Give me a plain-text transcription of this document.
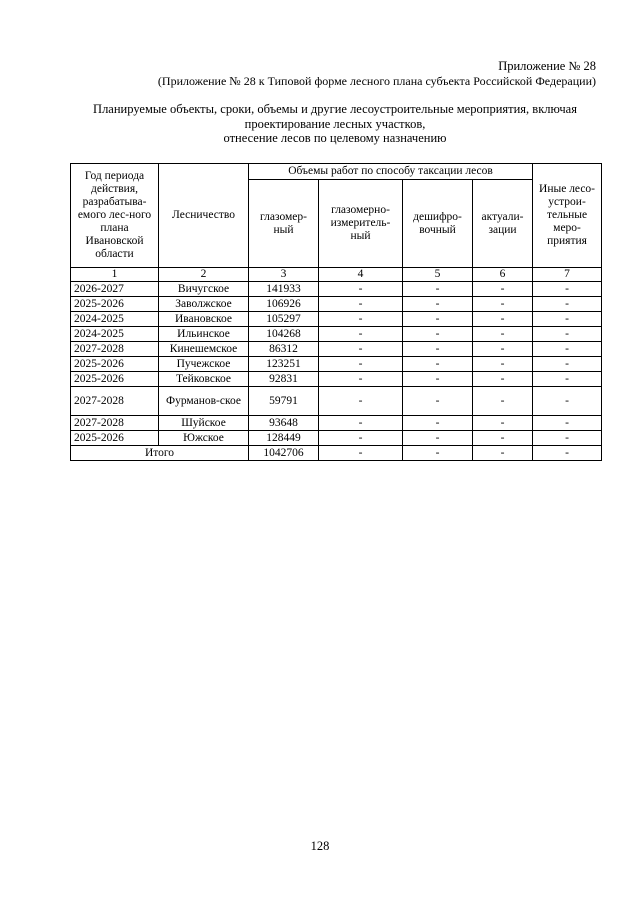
Приложение № 28
(Приложение № 28 к Типовой форме лесного плана субъекта Российской Федерации)
Планируемые объекты, сроки, объемы и другие лесоустроительные мероприятия, включая
проектирование лесных участков,
отнесение лесов по целевому назначению
Год периода действия, разрабатыва-емого лес-ного плана Ивановской области	Лесничество	Объемы работ по способу таксации лесов				Иные лесо-устрои-тельные меро-приятия
		глазомер-ный	глазомерно-измеритель-ный	дешифро-вочный	актуали-зации	
1	2	3	4	5	6	7
2026-2027	Вичугское	141933	-	-	-	-
2025-2026	Заволжское	106926	-	-	-	-
2024-2025	Ивановское	105297	-	-	-	-
2024-2025	Ильинское	104268	-	-	-	-
2027-2028	Кинешемское	86312	-	-	-	-
2025-2026	Пучежское	123251	-	-	-	-
2025-2026	Тейковское	92831	-	-	-	-
2027-2028	Фурманов-ское	59791	-	-	-	-
2027-2028	Шуйское	93648	-	-	-	-
2025-2026	Южское	128449	-	-	-	-
Итого		1042706	-	-	-	-
128
